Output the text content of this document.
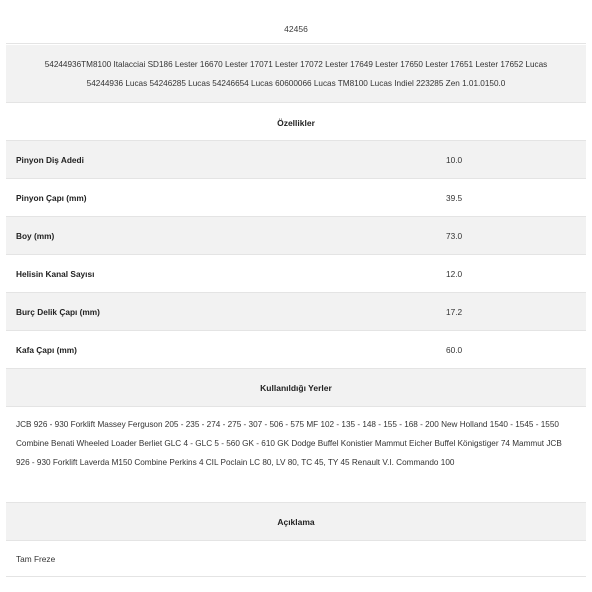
42456
54244936TM8100 Italacciai SD186 Lester 16670 Lester 17071 Lester 17072 Lester 17649 Lester 17650 Lester 17651 Lester 17652 Lucas
54244936 Lucas 54246285 Lucas 54246654 Lucas 60600066 Lucas TM8100 Lucas Indiel 223285 Zen 1.01.0150.0
Özellikler
Pinyon Diş Adedi	10.0
Pinyon Çapı (mm)	39.5
Boy (mm)	73.0
Helisin Kanal Sayısı	12.0
Burç Delik Çapı (mm)	17.2
Kafa Çapı (mm)	60.0
Kullanıldığı Yerler
JCB 926 - 930 Forklift Massey Ferguson 205 - 235 - 274 - 275 - 307 - 506 - 575 MF 102 - 135 - 148 - 155 - 168 - 200 New Holland 1540 - 1545 - 1550 Combine Benati Wheeled Loader Berliet GLC 4 - GLC 5 - 560 GK - 610 GK Dodge Buffel Konistier Mammut Eicher Buffel Königstiger 74 Mammut JCB 926 - 930 Forklift Laverda M150 Combine Perkins 4 CIL Poclain LC 80, LV 80, TC 45, TY 45 Renault V.I. Commando 100
Açıklama
Tam Freze
